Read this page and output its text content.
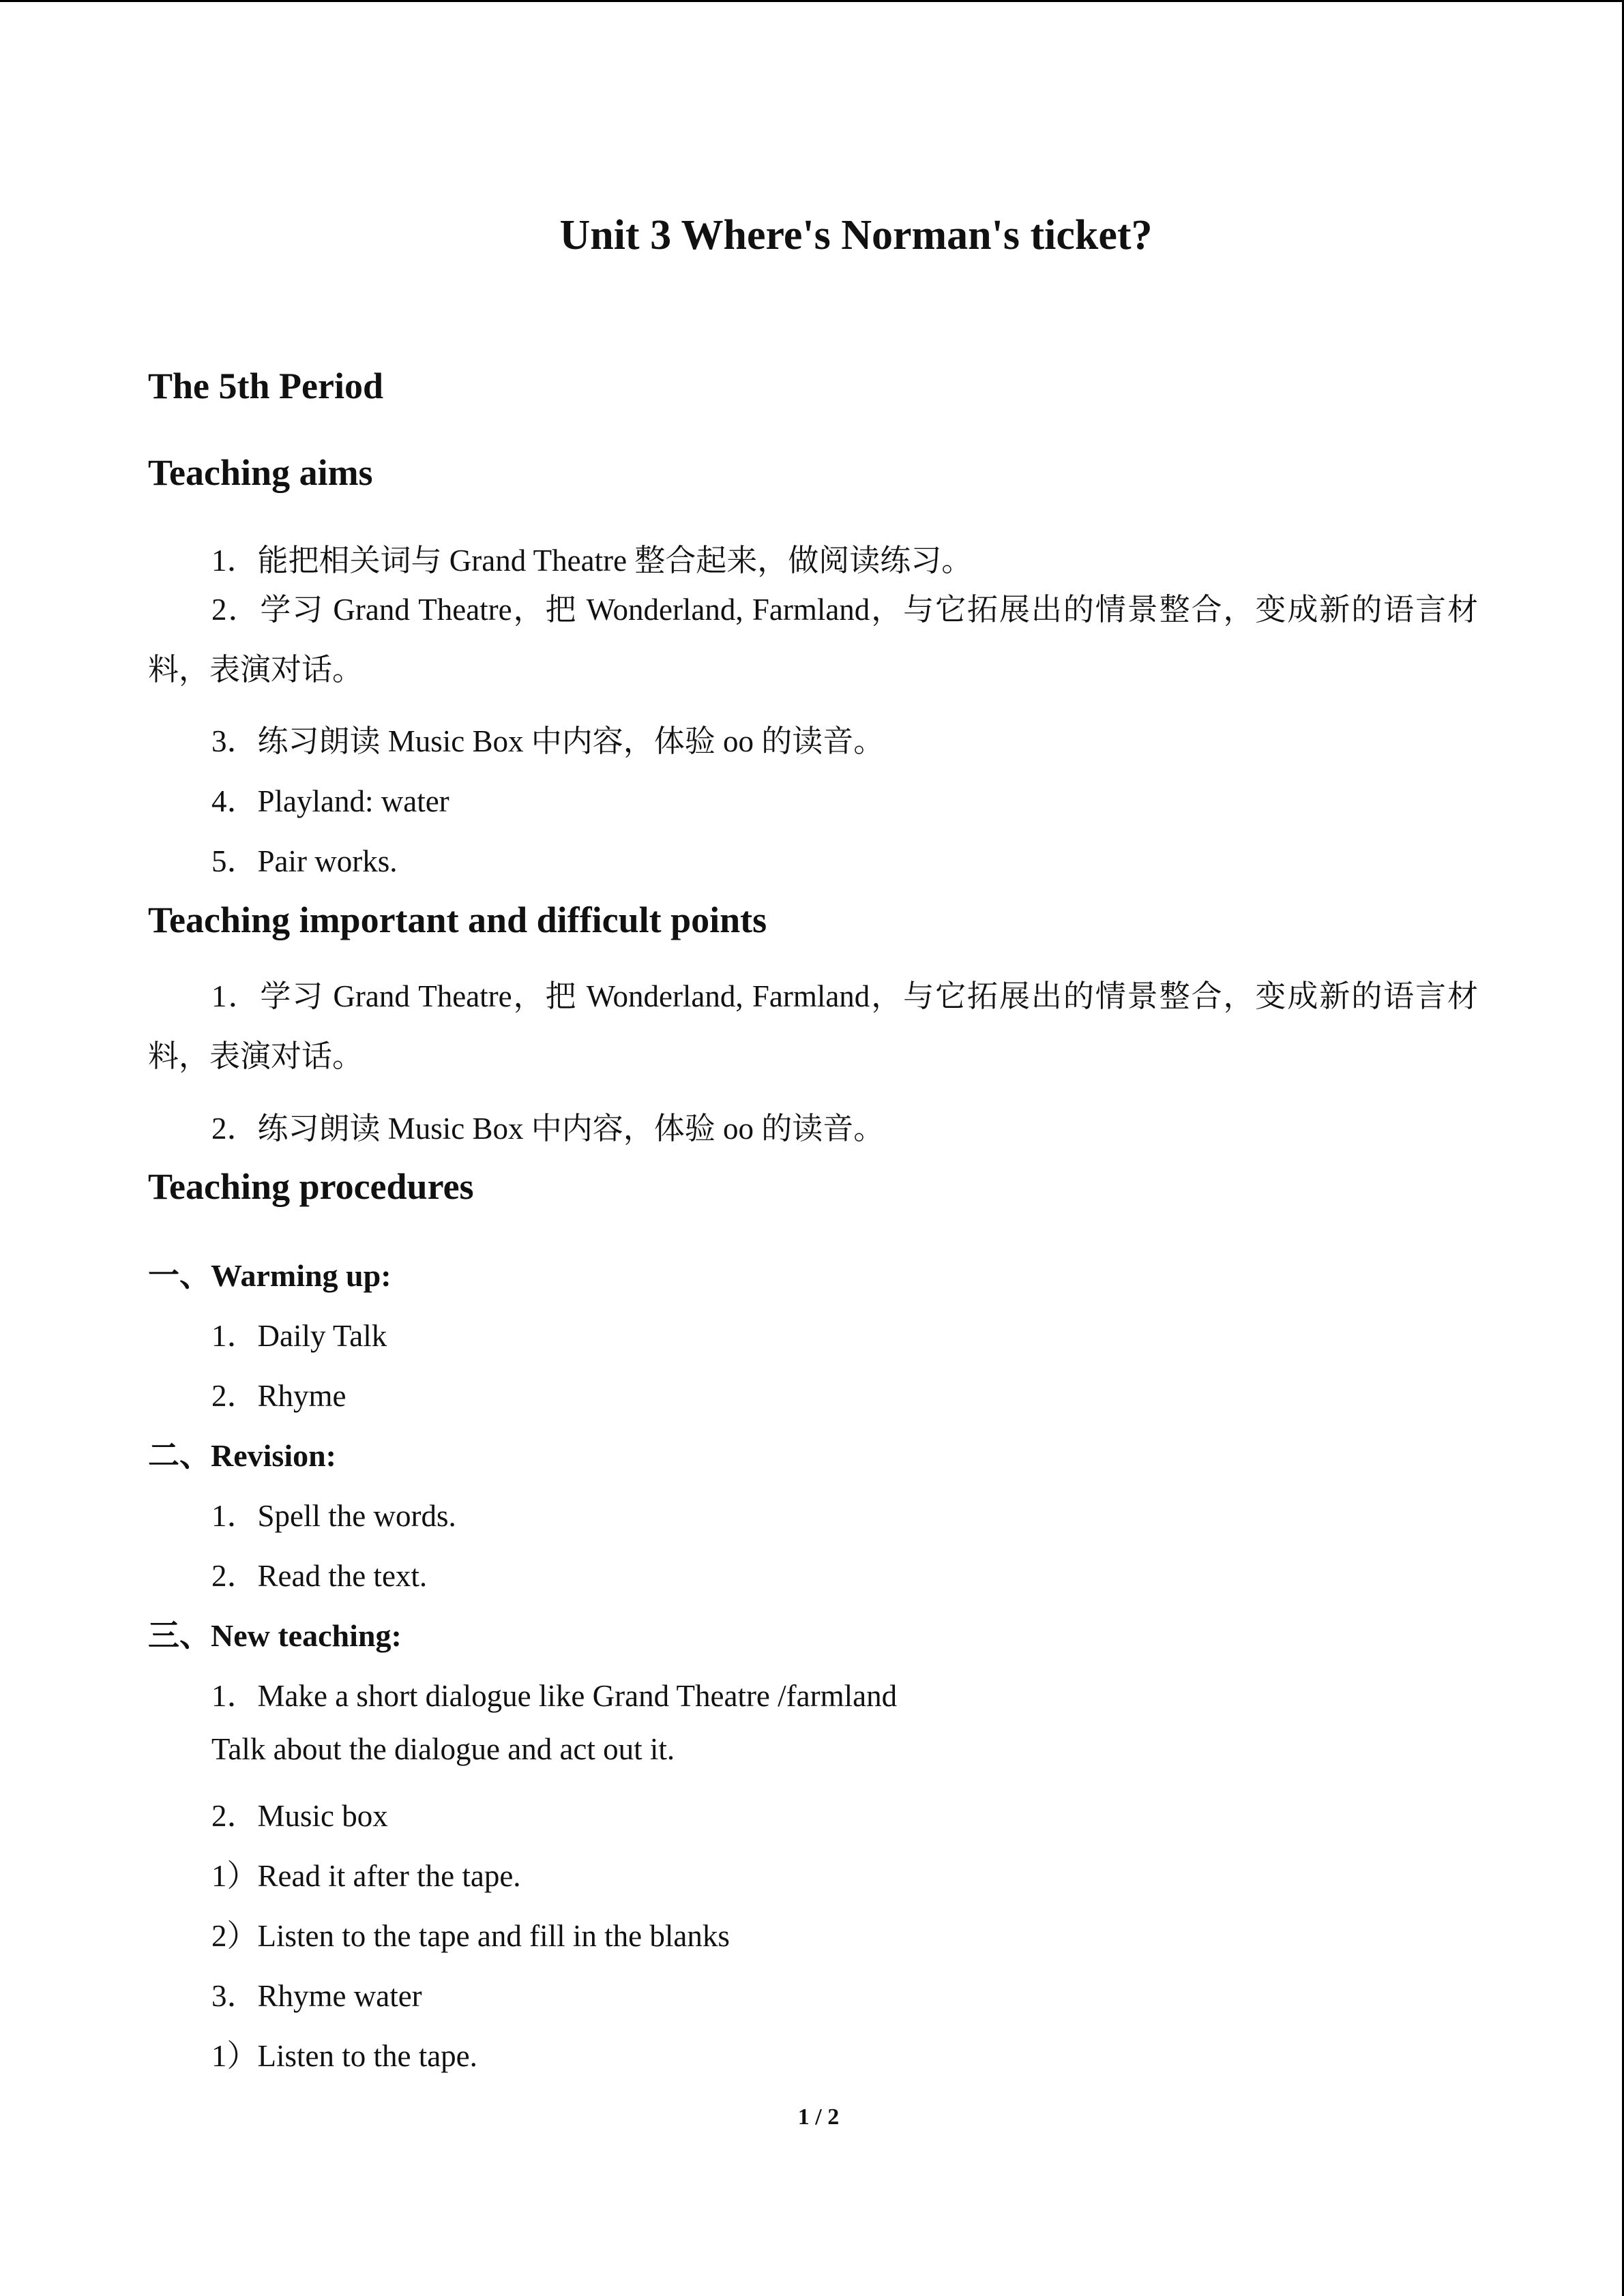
Unit 3 Where's Norman's ticket?
The 5th Period
Teaching aims
1．能把相关词与 Grand Theatre 整合起来，做阅读练习。
2．学习 Grand Theatre，把 Wonderland, Farmland，与它拓展出的情景整合，变成新的语言材料，表演对话。
3．练习朗读 Music Box 中内容，体验 oo 的读音。
4．Playland: water
5．Pair works.
Teaching important and difficult points
1．学习 Grand Theatre，把 Wonderland, Farmland，与它拓展出的情景整合，变成新的语言材料，表演对话。
2．练习朗读 Music Box 中内容，体验 oo 的读音。
Teaching procedures
一、Warming up:
1．Daily Talk
2．Rhyme
二、Revision:
1．Spell the words.
2．Read the text.
三、New teaching:
1．Make a short dialogue like Grand Theatre /farmland
Talk about the dialogue and act out it.
2．Music box
1）Read it after the tape.
2）Listen to the tape and fill in the blanks
3．Rhyme water
1）Listen to the tape.
1 / 2
